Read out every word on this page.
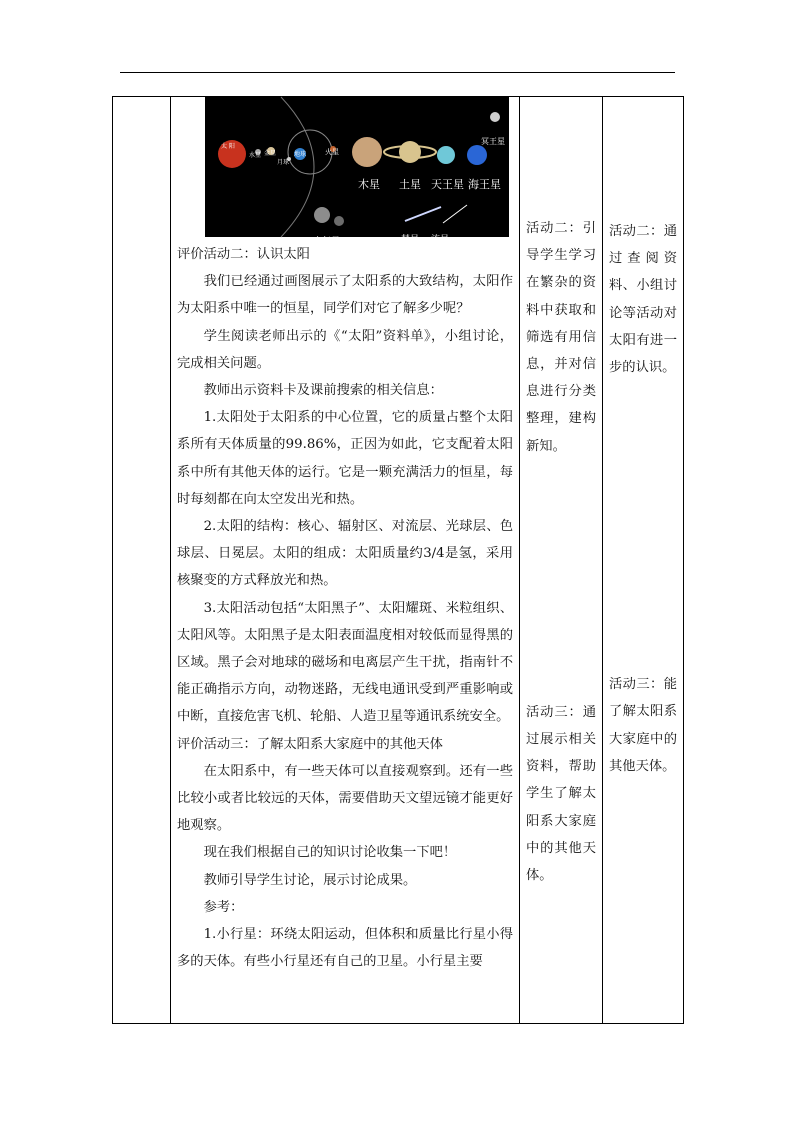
太 阳
水星 金星	地球
月球
火星
木星 土星 天王星 海王星
冥王星
小行星	彗星 流星

评价活动二：认识太阳

我们已经通过画图展示了太阳系的大致结构，太阳作为太阳系中唯一的恒星，同学们对它了解多少呢？

学生阅读老师出示的《“太阳”资料单》，小组讨论，完成相关问题。

教师出示资料卡及课前搜索的相关信息：

1.太阳处于太阳系的中心位置，它的质量占整个太阳系所有天体质量的99.86%，正因为如此，它支配着太阳系中所有其他天体的运行。它是一颗充满活力的恒星，每时每刻都在向太空发出光和热。

2.太阳的结构：核心、辐射区、对流层、光球层、色球层、日冕层。太阳的组成：太阳质量约3/4是氢，采用核聚变的方式释放光和热。

3.太阳活动包括“太阳黑子”、太阳耀斑、米粒组织、太阳风等。太阳黑子是太阳表面温度相对较低而显得黑的区域。黑子会对地球的磁场和电离层产生干扰，指南针不能正确指示方向，动物迷路，无线电通讯受到严重影响或中断，直接危害飞机、轮船、人造卫星等通讯系统安全。

评价活动三：了解太阳系大家庭中的其他天体

在太阳系中，有一些天体可以直接观察到。还有一些比较小或者比较远的天体，需要借助天文望远镜才能更好地观察。

现在我们根据自己的知识讨论收集一下吧！

教师引导学生讨论，展示讨论成果。

参考：

1.小行星：环绕太阳运动，但体积和质量比行星小得多的天体。有些小行星还有自己的卫星。小行星主要

活动二：引导学生学习在繁杂的资料中获取和筛选有用信息，并对信息进行分类整理，建构新知。

活动三：通过展示相关资料，帮助学生了解太阳系大家庭中的其他天体。

活动二：通过查阅资料、小组讨论等活动对太阳有进一步的认识。

活动三：能了解太阳系大家庭中的其他天体。
